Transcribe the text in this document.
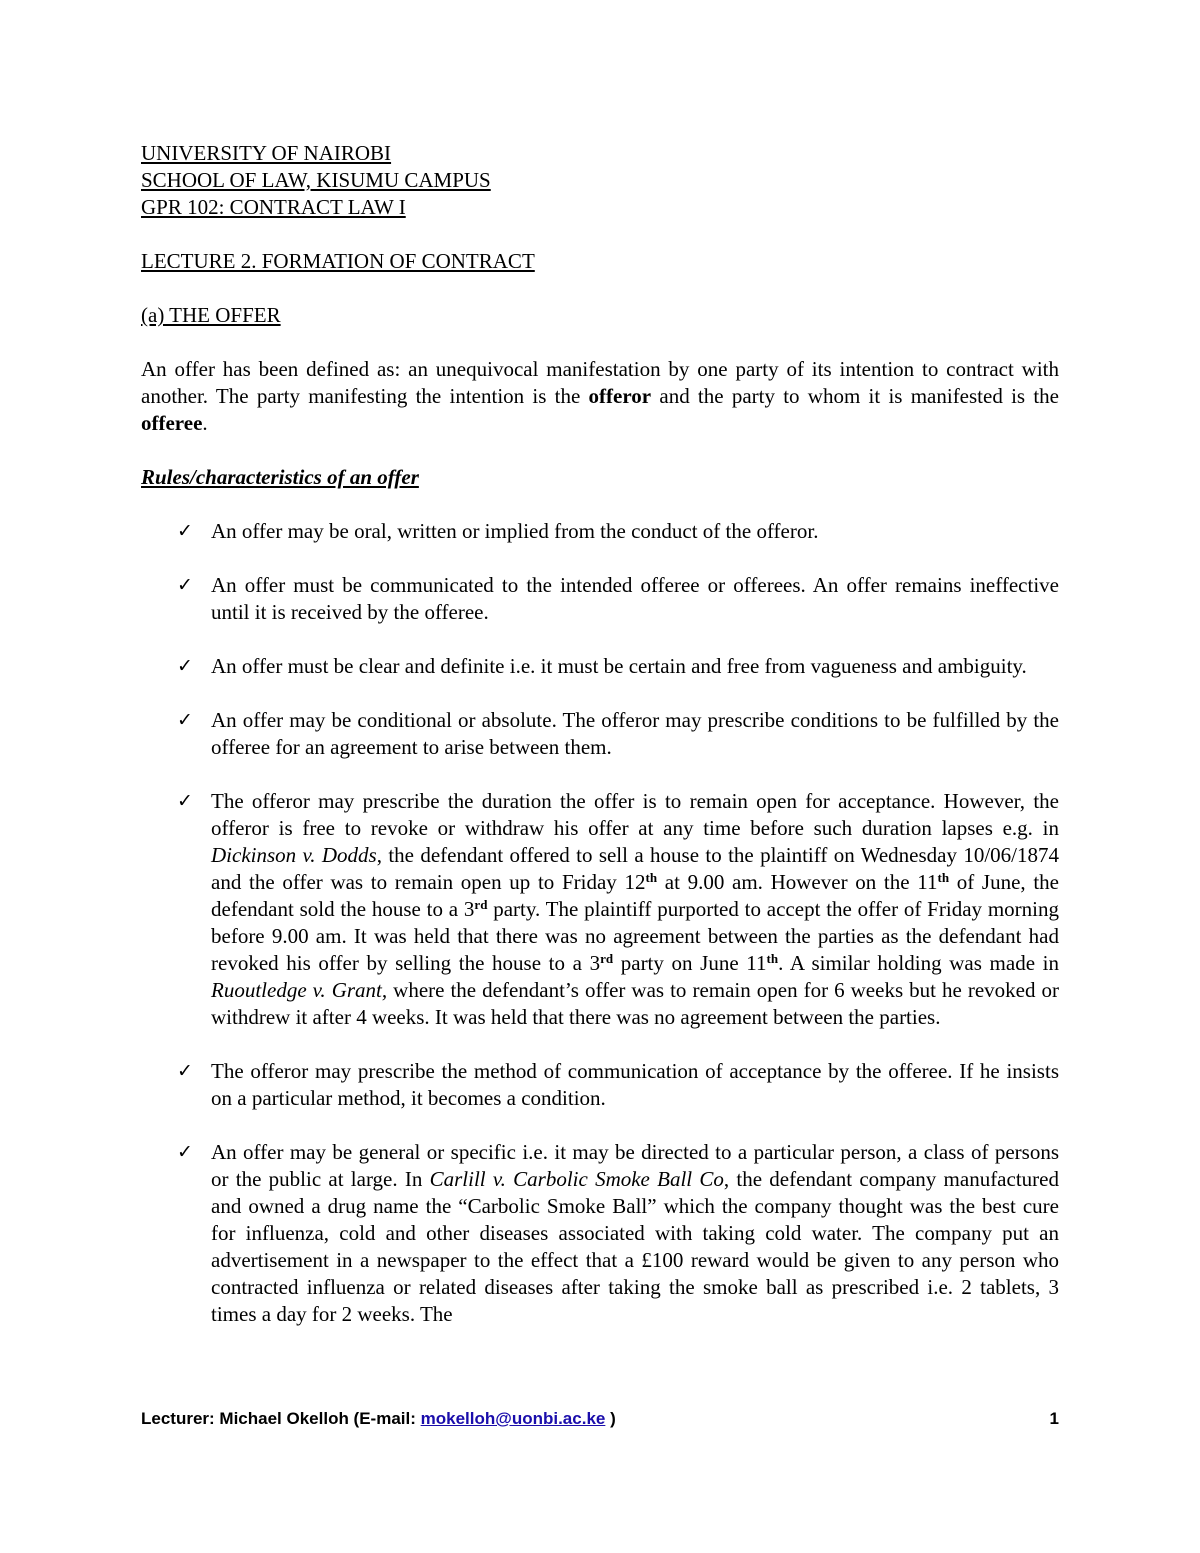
UNIVERSITY OF NAIROBI

SCHOOL OF LAW, KISUMU CAMPUS

GPR 102: CONTRACT LAW I

LECTURE 2. FORMATION OF CONTRACT

(a) THE OFFER

An offer has been defined as: an unequivocal manifestation by one party of its intention to contract with another. The party manifesting the intention is the offeror and the party to whom it is manifested is the offeree.

Rules/characteristics of an offer

✓ An offer may be oral, written or implied from the conduct of the offeror.
✓ An offer must be communicated to the intended offeree or offerees. An offer remains ineffective until it is received by the offeree.
✓ An offer must be clear and definite i.e. it must be certain and free from vagueness and ambiguity.
✓ An offer may be conditional or absolute. The offeror may prescribe conditions to be fulfilled by the offeree for an agreement to arise between them.
✓ The offeror may prescribe the duration the offer is to remain open for acceptance. However, the offeror is free to revoke or withdraw his offer at any time before such duration lapses e.g. in Dickinson v. Dodds, the defendant offered to sell a house to the plaintiff on Wednesday 10/06/1874 and the offer was to remain open up to Friday 12th at 9.00 am. However on the 11th of June, the defendant sold the house to a 3rd party. The plaintiff purported to accept the offer of Friday morning before 9.00 am. It was held that there was no agreement between the parties as the defendant had revoked his offer by selling the house to a 3rd party on June 11th. A similar holding was made in Ruoutledge v. Grant, where the defendant’s offer was to remain open for 6 weeks but he revoked or withdrew it after 4 weeks. It was held that there was no agreement between the parties.
✓ The offeror may prescribe the method of communication of acceptance by the offeree. If he insists on a particular method, it becomes a condition.
✓ An offer may be general or specific i.e. it may be directed to a particular person, a class of persons or the public at large. In Carlill v. Carbolic Smoke Ball Co, the defendant company manufactured and owned a drug name the “Carbolic Smoke Ball” which the company thought was the best cure for influenza, cold and other diseases associated with taking cold water. The company put an advertisement in a newspaper to the effect that a £100 reward would be given to any person who contracted influenza or related diseases after taking the smoke ball as prescribed i.e. 2 tablets, 3 times a day for 2 weeks. The
Lecturer: Michael Okelloh (E-mail: mokelloh@uonbi.ac.ke )	1
